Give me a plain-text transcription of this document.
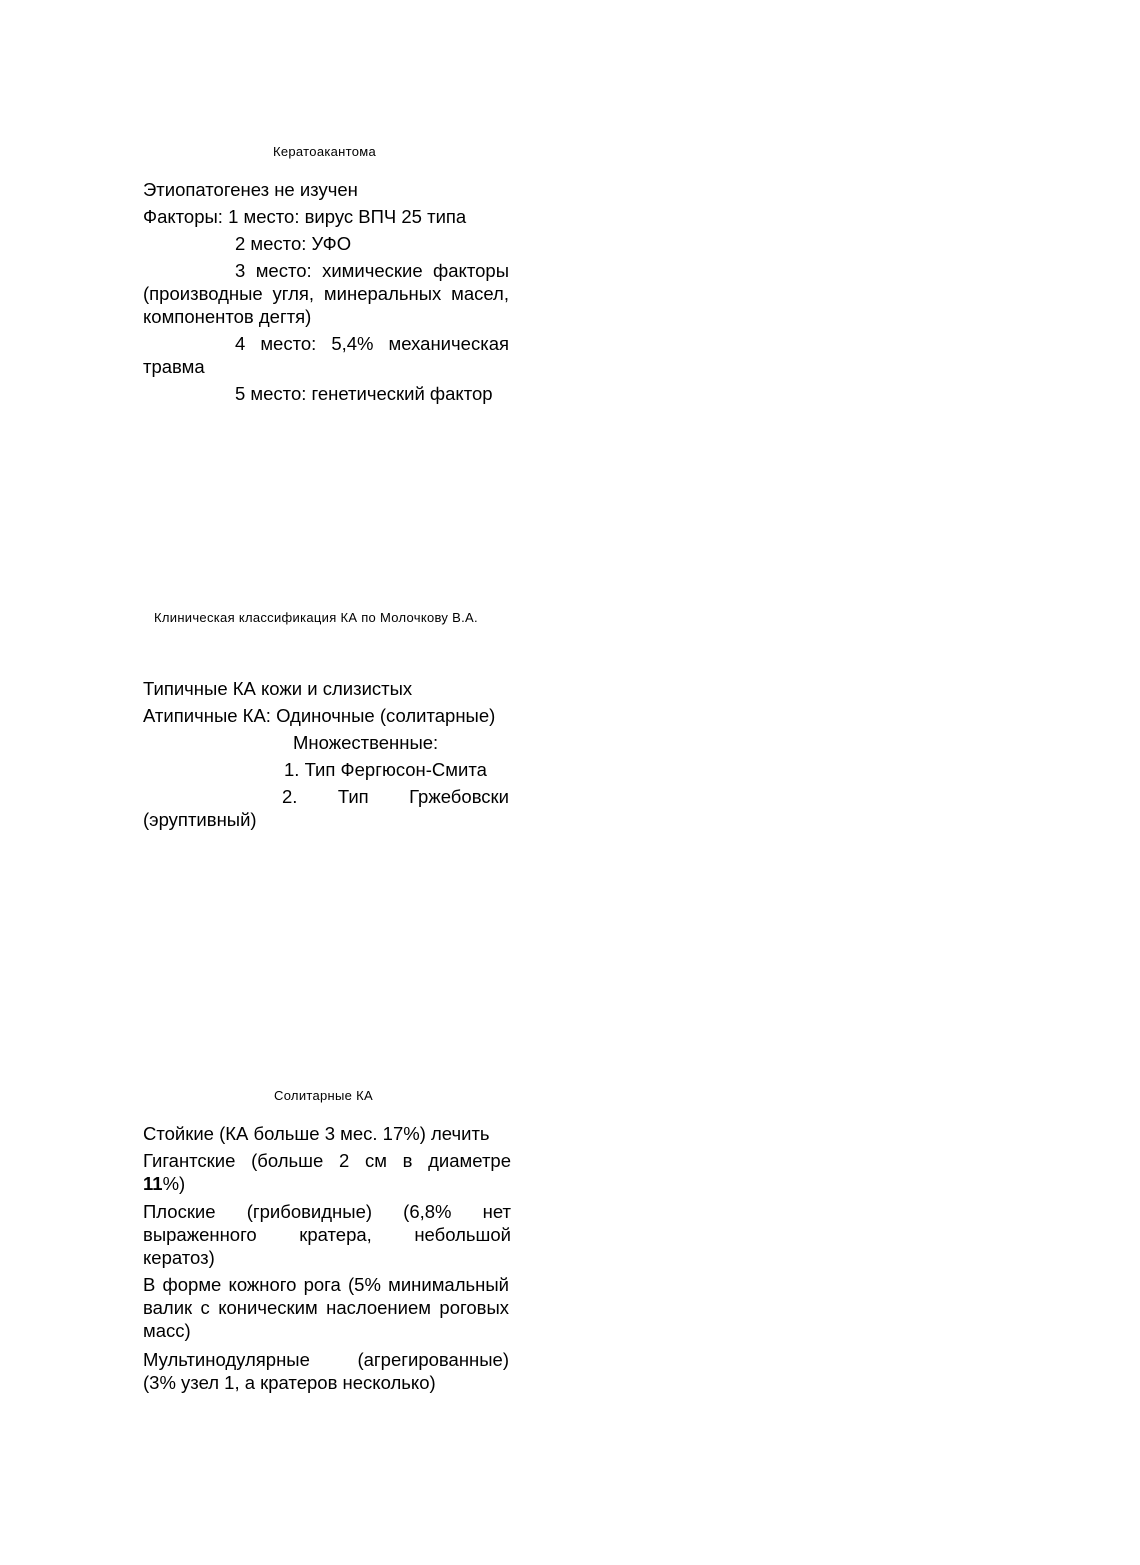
Кератоакантома
Этиопатогенез не изучен
Факторы: 1 место: вирус ВПЧ 25 типа
2 место: УФО
3 место: химические факторы
(производные угля, минеральных масел,
компонентов дегтя)
4 место: 5,4% механическая
травма
5 место: генетический фактор
Клиническая классификация КА по Молочкову В.А.
Типичные КА кожи и слизистых
Атипичные КА: Одиночные (солитарные)
Множественные:
1. Тип Фергюсон-Смита
2. Тип Гржебовски
(эруптивный)
Солитарные КА
Стойкие (КА больше 3 мес. 17%) лечить
Гигантские (больше 2 см в диаметре
11%)
Плоские (грибовидные) (6,8% нет
выраженного кратера, небольшой
кератоз)
В форме кожного рога (5% минимальный
валик с коническим наслоением роговых
масс)
Мультинодулярные (агрегированные)
(3% узел 1, а кратеров несколько)
